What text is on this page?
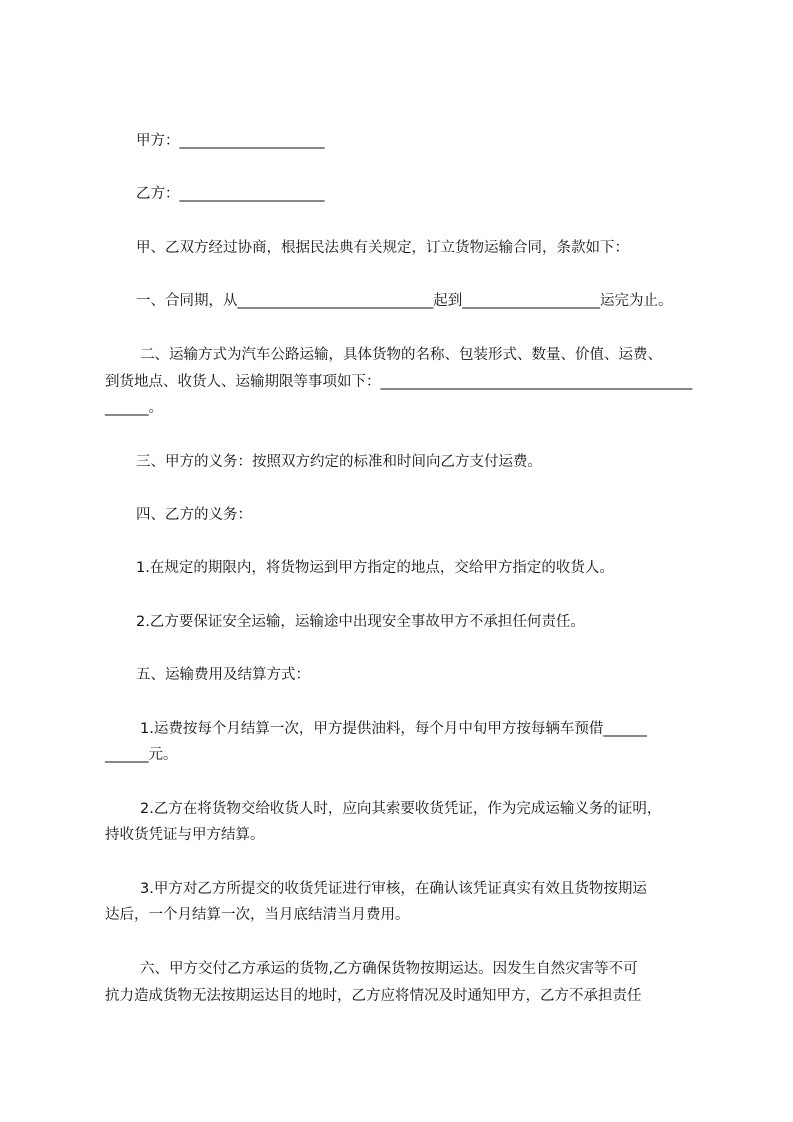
甲方：____________________
乙方：____________________
甲、乙双方经过协商，根据民法典有关规定，订立货物运输合同，条款如下：
一、合同期，从___________________________起到___________________运完为止。
二、运输方式为汽车公路运输，具体货物的名称、包装形式、数量、价值、运费、
到货地点、收货人、运输期限等事项如下：___________________________________________
______。
三、甲方的义务：按照双方约定的标准和时间向乙方支付运费。
四、乙方的义务：
1.在规定的期限内，将货物运到甲方指定的地点，交给甲方指定的收货人。
2.乙方要保证安全运输，运输途中出现安全事故甲方不承担任何责任。
五、运输费用及结算方式：
1.运费按每个月结算一次，甲方提供油料，每个月中旬甲方按每辆车预借______
______元。
2.乙方在将货物交给收货人时，应向其索要收货凭证，作为完成运输义务的证明，
持收货凭证与甲方结算。
3.甲方对乙方所提交的收货凭证进行审核，在确认该凭证真实有效且货物按期运
达后，一个月结算一次，当月底结清当月费用。
六、甲方交付乙方承运的货物,乙方确保货物按期运达。因发生自然灾害等不可
抗力造成货物无法按期运达目的地时，乙方应将情况及时通知甲方，乙方不承担责任
